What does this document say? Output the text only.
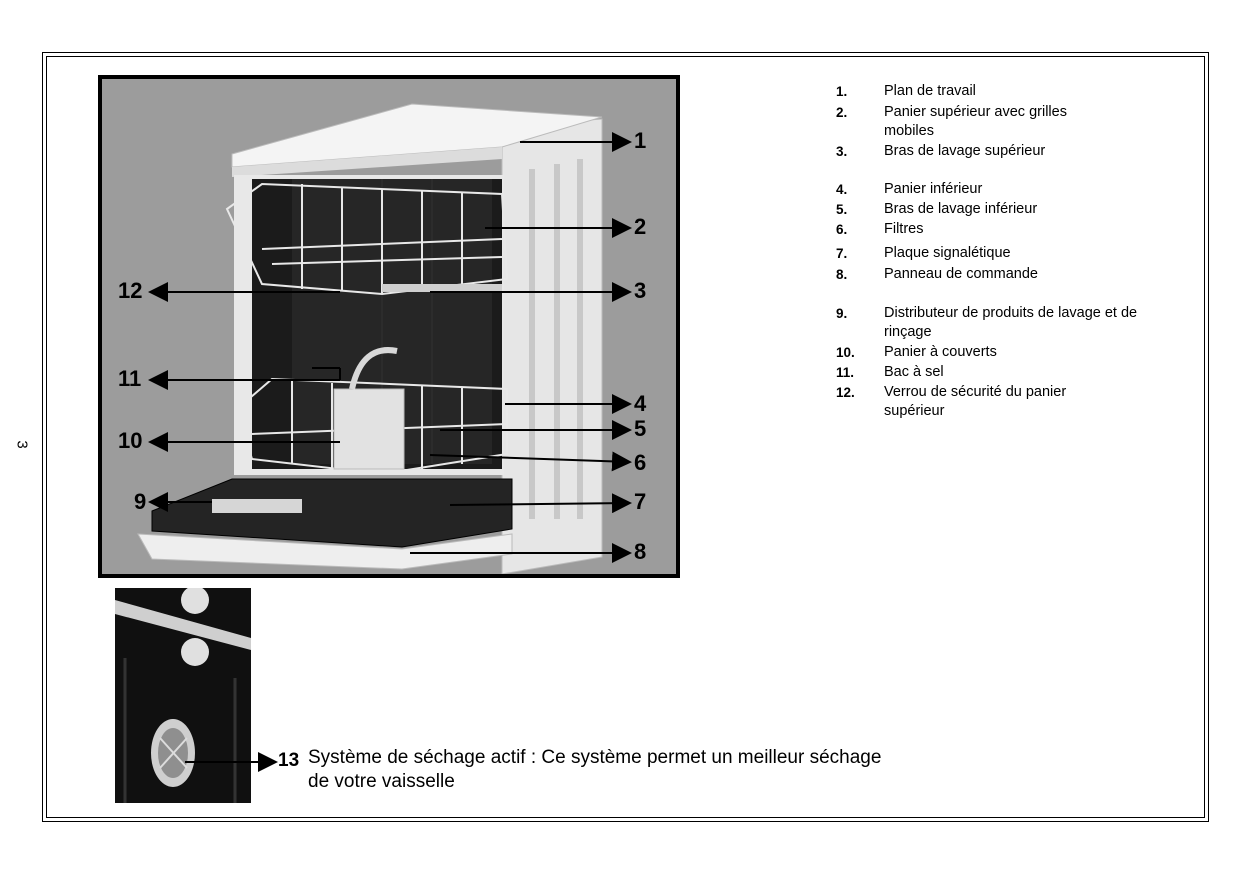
3
1
2
3
12
11
4
5
10
6
7
9
8
1.	Plan de travail
2.	Panier supérieur avec grilles mobiles
3.	Bras de lavage supérieur
4.	Panier inférieur
5.	Bras de lavage inférieur
6.	Filtres
7.	Plaque signalétique
8.	Panneau de commande
9.	Distributeur de produits de lavage et de rinçage
10.	Panier à couverts
11.	Bac à sel
12.	Verrou de sécurité du panier supérieur
13 Système de séchage actif : Ce système permet un meilleur séchage de votre vaisselle
